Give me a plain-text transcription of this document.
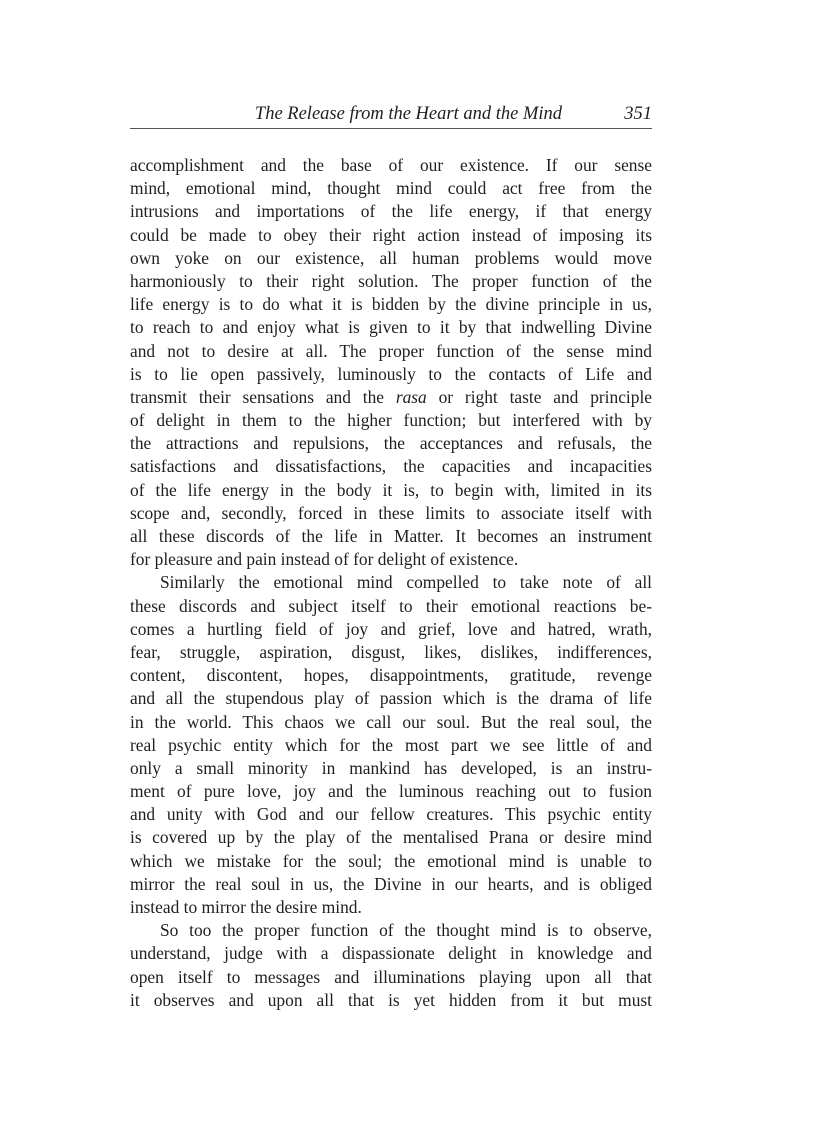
The Release from the Heart and the Mind	351
accomplishment and the base of our existence. If our sense
mind, emotional mind, thought mind could act free from the
intrusions and importations of the life energy, if that energy
could be made to obey their right action instead of imposing its
own yoke on our existence, all human problems would move
harmoniously to their right solution. The proper function of the
life energy is to do what it is bidden by the divine principle in us,
to reach to and enjoy what is given to it by that indwelling Divine
and not to desire at all. The proper function of the sense mind
is to lie open passively, luminously to the contacts of Life and
transmit their sensations and the rasa or right taste and principle
of delight in them to the higher function; but interfered with by
the attractions and repulsions, the acceptances and refusals, the
satisfactions and dissatisfactions, the capacities and incapacities
of the life energy in the body it is, to begin with, limited in its
scope and, secondly, forced in these limits to associate itself with
all these discords of the life in Matter. It becomes an instrument
for pleasure and pain instead of for delight of existence.
Similarly the emotional mind compelled to take note of all
these discords and subject itself to their emotional reactions be-
comes a hurtling field of joy and grief, love and hatred, wrath,
fear, struggle, aspiration, disgust, likes, dislikes, indifferences,
content, discontent, hopes, disappointments, gratitude, revenge
and all the stupendous play of passion which is the drama of life
in the world. This chaos we call our soul. But the real soul, the
real psychic entity which for the most part we see little of and
only a small minority in mankind has developed, is an instru-
ment of pure love, joy and the luminous reaching out to fusion
and unity with God and our fellow creatures. This psychic entity
is covered up by the play of the mentalised Prana or desire mind
which we mistake for the soul; the emotional mind is unable to
mirror the real soul in us, the Divine in our hearts, and is obliged
instead to mirror the desire mind.
So too the proper function of the thought mind is to observe,
understand, judge with a dispassionate delight in knowledge and
open itself to messages and illuminations playing upon all that
it observes and upon all that is yet hidden from it but must
